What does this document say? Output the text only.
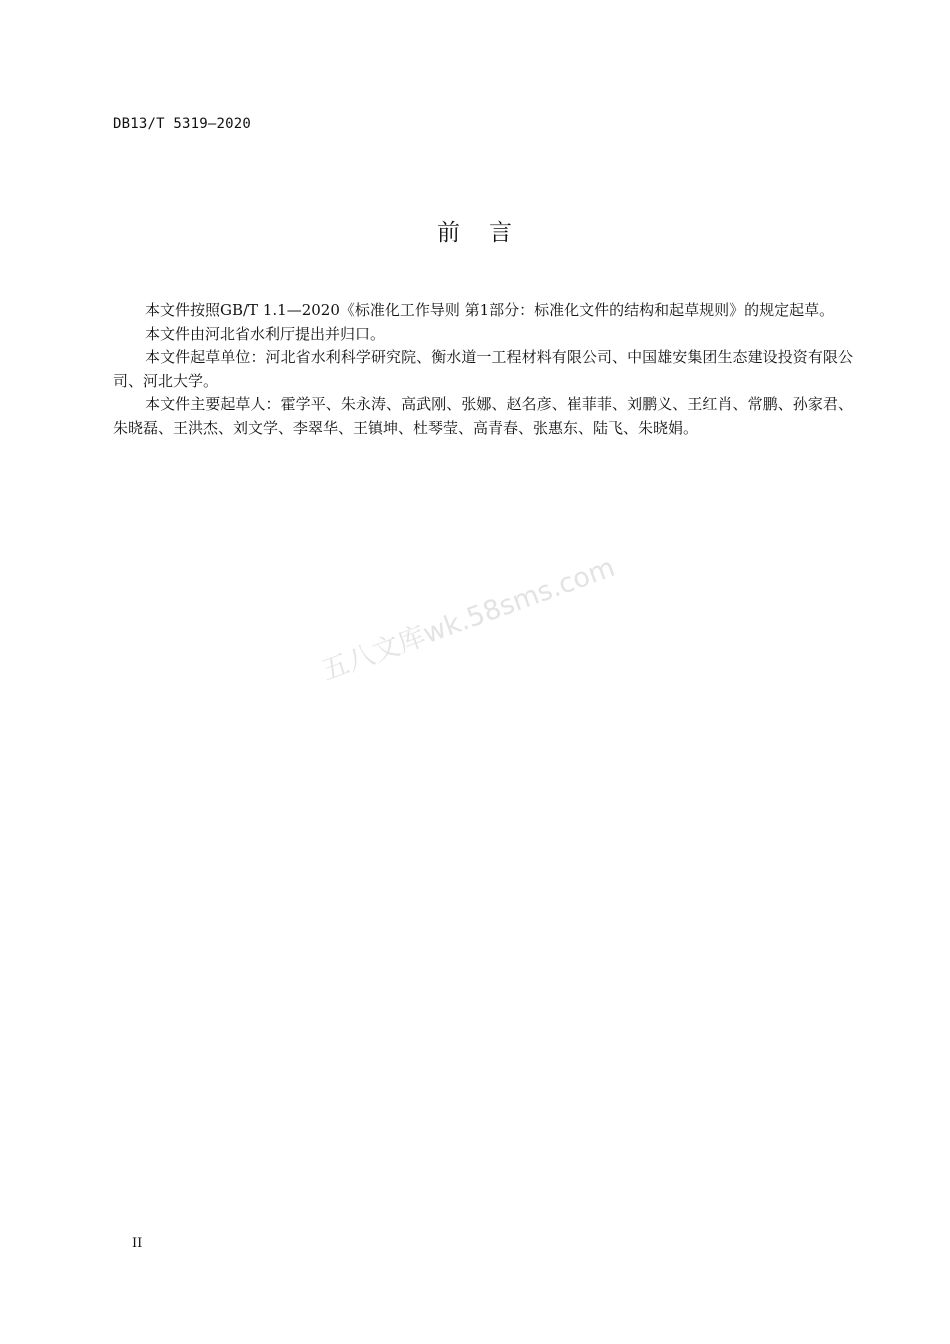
DB13/T 5319—2020
前 言

本文件按照GB/T 1.1—2020《标准化工作导则 第1部分：标准化文件的结构和起草规则》的规定起草。

本文件由河北省水利厅提出并归口。

本文件起草单位：河北省水利科学研究院、衡水道一工程材料有限公司、中国雄安集团生态建设投资有限公司、河北大学。

本文件主要起草人：霍学平、朱永涛、高武刚、张娜、赵名彦、崔菲菲、刘鹏义、王红肖、常鹏、孙家君、朱晓磊、王洪杰、刘文学、李翠华、王镇坤、杜琴莹、高青春、张惠东、陆飞、朱晓娟。

五八文库wk.58sms.com
II
